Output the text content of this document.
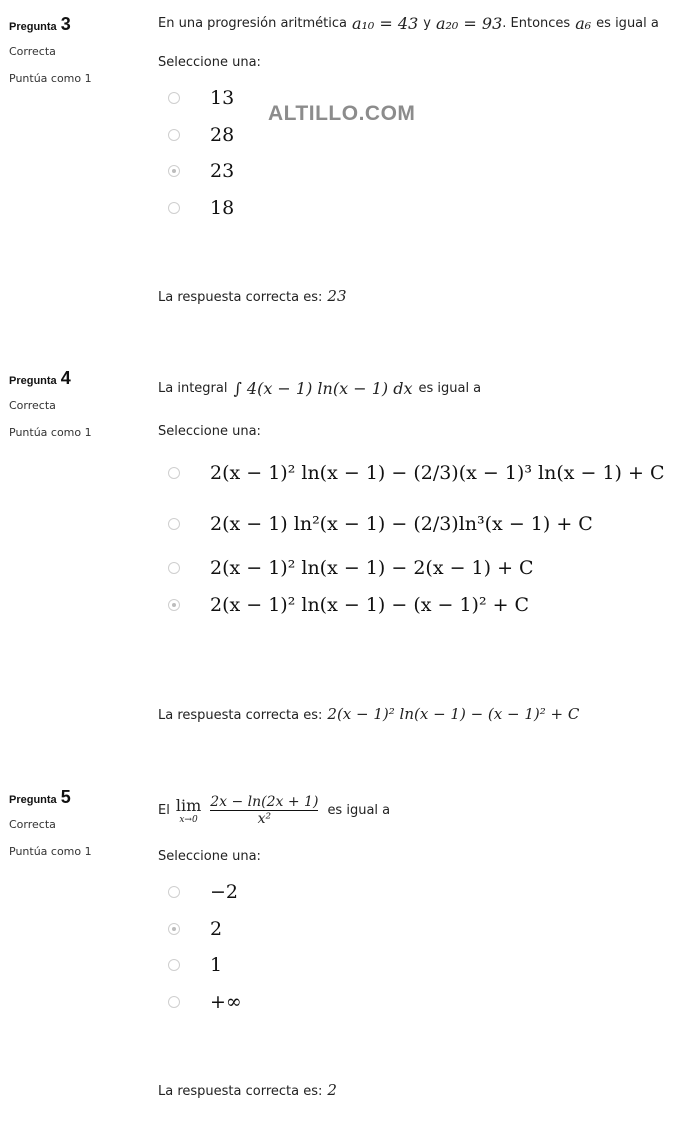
ALTILLO.COM
Pregunta 3
Correcta
Puntúa como 1
En una progresión aritmética a₁₀ = 43 y a₂₀ = 93 . Entonces a₆ es igual a
Seleccione una:
13
28
23
18
La respuesta correcta es: 23
Pregunta 4
Correcta
Puntúa como 1
La integral ∫ 4(x − 1) ln(x − 1) dx es igual a
Seleccione una:
2(x − 1)² ln(x − 1) − (2/3)(x − 1)³ ln(x − 1) + C
2(x − 1) ln²(x − 1) − (2/3)ln³(x − 1) + C
2(x − 1)² ln(x − 1) − 2(x − 1) + C
2(x − 1)² ln(x − 1) − (x − 1)² + C
La respuesta correcta es: 2(x − 1)² ln(x − 1) − (x − 1)² + C
Pregunta 5
Correcta
Puntúa como 1
El lim
$x\to 0 \frac{2x - \ln(2x + 1)}{\text{x²}}$ es igual a
Seleccione una:
−2
2
1
+∞
La respuesta correcta es: 2
